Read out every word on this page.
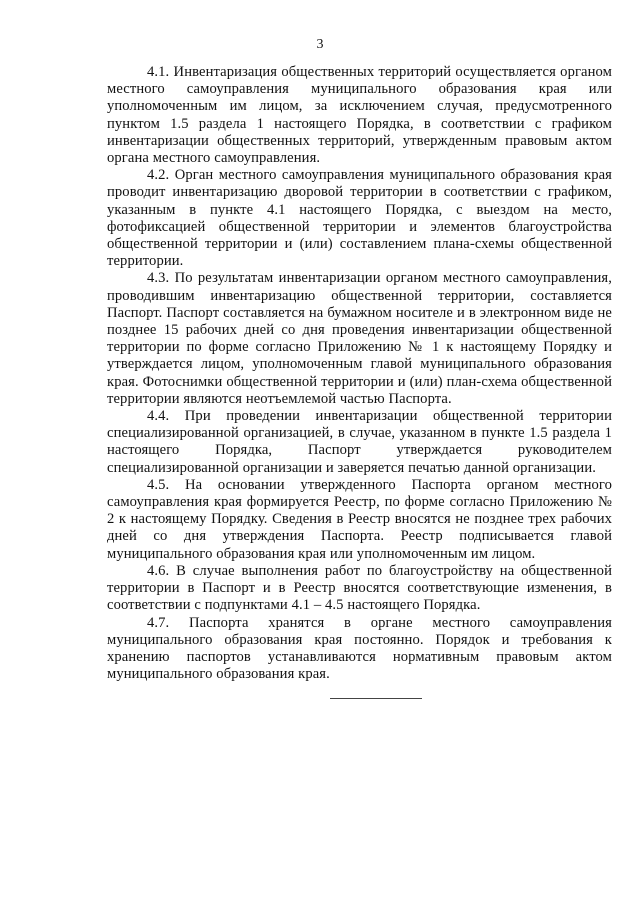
3

4.1. Инвентаризация общественных территорий осуществляется органом местного самоуправления муниципального образования края или уполномоченным им лицом, за исключением случая, предусмотренного пунктом 1.5 раздела 1 настоящего Порядка, в соответствии с графиком инвентаризации общественных территорий, утвержденным правовым актом органа местного самоуправления.

4.2. Орган местного самоуправления муниципального образования края проводит инвентаризацию дворовой территории в соответствии с графиком, указанным в пункте 4.1 настоящего Порядка, с выездом на место, фотофиксацией общественной территории и элементов благоустройства общественной территории и (или) составлением плана-схемы общественной территории.

4.3. По результатам инвентаризации органом местного самоуправления, проводившим инвентаризацию общественной территории, составляется Паспорт. Паспорт составляется на бумажном носителе и в электронном виде не позднее 15 рабочих дней со дня проведения инвентаризации общественной территории по форме согласно Приложению № 1 к настоящему Порядку и утверждается лицом, уполномоченным главой муниципального образования края. Фотоснимки общественной территории и (или) план-схема общественной территории являются неотъемлемой частью Паспорта.

4.4. При проведении инвентаризации общественной территории специализированной организацией, в случае, указанном в пункте 1.5 раздела 1 настоящего Порядка, Паспорт утверждается руководителем специализированной организации и заверяется печатью данной организации.

4.5. На основании утвержденного Паспорта органом местного самоуправления края формируется Реестр, по форме согласно Приложению № 2 к настоящему Порядку. Сведения в Реестр вносятся не позднее трех рабочих дней со дня утверждения Паспорта. Реестр подписывается главой муниципального образования края или уполномоченным им лицом.

4.6. В случае выполнения работ по благоустройству на общественной территории в Паспорт и в Реестр вносятся соответствующие изменения, в соответствии с подпунктами 4.1 – 4.5 настоящего Порядка.

4.7. Паспорта хранятся в органе местного самоуправления муниципального образования края постоянно. Порядок и требования к хранению паспортов устанавливаются нормативным правовым актом муниципального образования края.
